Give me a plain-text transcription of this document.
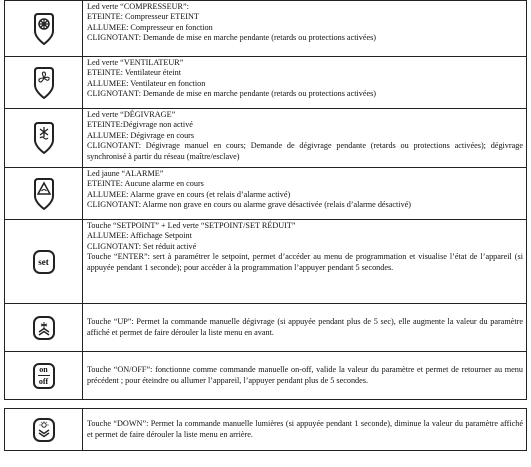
Led verte “COMPRESSEUR”:
ETEINTE: Compresseur ETEINT
ALLUMEE: Compresseur en fonction
CLIGNOTANT: Demande de mise en marche pendante (retards ou protections activées)

Led verte “VENTILATEUR”
ETEINTE: Ventilateur éteint
ALLUMEE: Ventilateur en fonction
CLIGNOTANT: Demande de mise en marche pendante (retards ou protections activées)

Led verte “DÉGIVRAGE”
ETEINTE:Dégivrage non activé
ALLUMEE: Dégivrage en cours
CLIGNOTANT: Dégivrage manuel en cours; Demande de dégivrage pendante (retards ou protections activées); dégivrage synchronisé à partir du réseau (maître/esclave)

Led jaune “ALARME”
ETEINTE: Aucune alarme en cours
ALLUMEE: Alarme grave en cours (et relais d’alarme activé)
CLIGNOTANT: Alarme non grave en cours ou alarme grave désactivée (relais d’alarme désactivé)

set	Touche “SETPOINT” + Led verte “SETPOINT/SET RÉDUIT”
ALLUMEE: Affichage Setpoint
CLIGNOTANT: Set réduit activé
Touche “ENTER”: sert à paramétrer le setpoint, permet d’accéder au menu de programmation et visualise l’état de l’appareil (si appuyée pendant 1 seconde); pour accéder à la programmation l’appuyer pendant 5 secondes.

Touche “UP”: Permet la commande manuelle dégivrage (si appuyée pendant plus de 5 sec), elle augmente la valeur du paramètre affiché et permet de faire dérouler la liste menu en avant.

on
off	Touche “ON/OFF”: fonctionne comme commande manuelle on-off, valide la valeur du paramètre et permet de retourner au menu précédent ; pour éteindre ou allumer l’appareil, l’appuyer pendant plus de 5 secondes.

Touche “DOWN”: Permet la commande manuelle lumières (si appuyée pendant 1 seconde), diminue la valeur du paramètre affiché et permet de faire dérouler la liste menu en arrière.
